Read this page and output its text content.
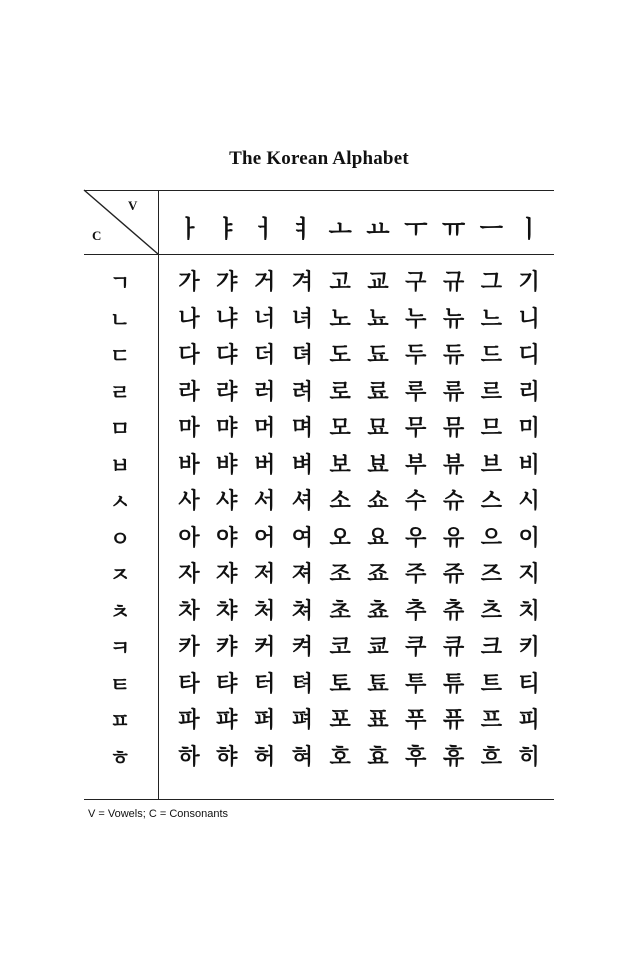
The Korean Alphabet
V
C	ㅏ ㅑ ㅓ ㅕ ㅗ ㅛ ㅜ ㅠ ㅡ ㅣ
ㄱ
ㄴ
ㄷ
ㄹ
ㅁ
ㅂ
ㅅ
ㅇ
ㅈ
ㅊ
ㅋ
ㅌ
ㅍ
ㅎ
가 갸 거 겨 고 교 구 규 그 기
나 냐 너 녀 노 뇨 누 뉴 느 니
다 댜 더 뎌 도 됴 두 듀 드 디
라 랴 러 려 로 료 루 류 르 리
마 먀 머 며 모 묘 무 뮤 므 미
바 뱌 버 벼 보 뵤 부 뷰 브 비
사 샤 서 셔 소 쇼 수 슈 스 시
아 야 어 여 오 요 우 유 으 이
자 쟈 저 져 조 죠 주 쥬 즈 지
차 챠 처 쳐 초 쵸 추 츄 츠 치
카 캬 커 켜 코 쿄 쿠 큐 크 키
타 탸 터 텨 토 툐 투 튜 트 티
파 퍄 퍼 펴 포 표 푸 퓨 프 피
하 햐 허 혀 호 효 후 휴 흐 히
V = Vowels; C = Consonants
